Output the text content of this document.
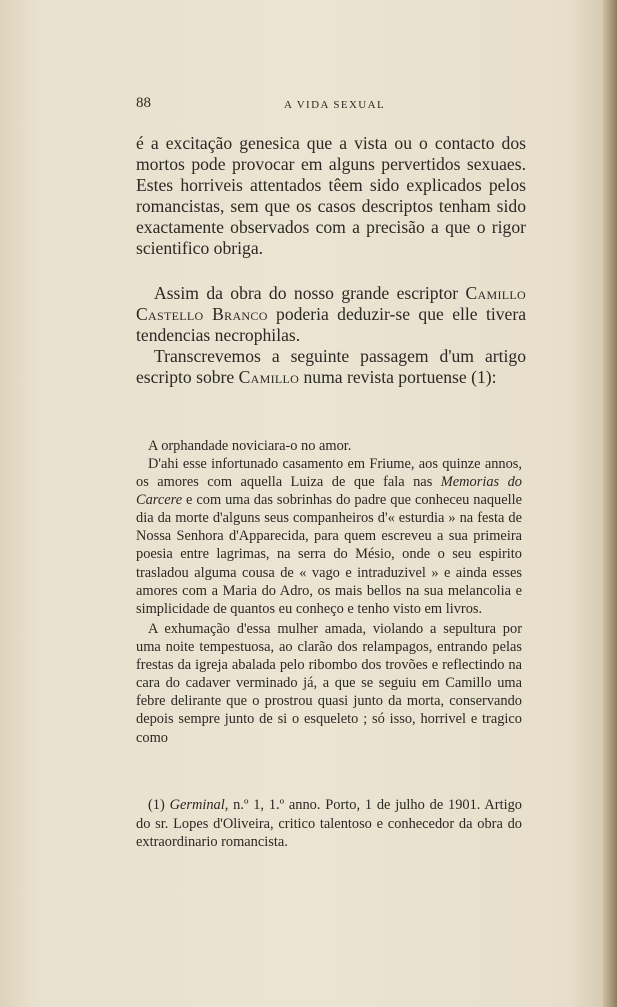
88	A VIDA SEXUAL
é a excitação genesica que a vista ou o contacto dos mortos pode provocar em alguns pervertidos sexuaes. Estes horriveis attentados têem sido explicados pelos romancistas, sem que os casos descriptos tenham sido exactamente observados com a precisão a que o rigor scientifico obriga.
Assim da obra do nosso grande escriptor Camillo Castello Branco poderia deduzir-se que elle tivera tendencias necrophilas.
Transcrevemos a seguinte passagem d'um artigo escripto sobre Camillo numa revista portuense (1):
A orphandade noviciara-o no amor.
D'ahi esse infortunado casamento em Friume, aos quinze annos, os amores com aquella Luiza de que fala nas Memorias do Carcere e com uma das sobrinhas do padre que conheceu naquelle dia da morte d'alguns seus companheiros d'« esturdia » na festa de Nossa Senhora d'Apparecida, para quem escreveu a sua primeira poesia entre lagrimas, na serra do Mésio, onde o seu espirito trasladou alguma cousa de « vago e intraduzivel » e ainda esses amores com a Maria do Adro, os mais bellos na sua melancolia e simplicidade de quantos eu conheço e tenho visto em livros.
A exhumação d'essa mulher amada, violando a sepultura por uma noite tempestuosa, ao clarão dos relampagos, entrando pelas frestas da igreja abalada pelo ribombo dos trovões e reflectindo na cara do cadaver verminado já, a que se seguiu em Camillo uma febre delirante que o prostrou quasi junto da morta, conservando depois sempre junto de si o esqueleto ; só isso, horrivel e tragico como
(1) Germinal, n.º 1, 1.º anno. Porto, 1 de julho de 1901. Artigo do sr. Lopes d'Oliveira, critico talentoso e conhecedor da obra do extraordinario romancista.
